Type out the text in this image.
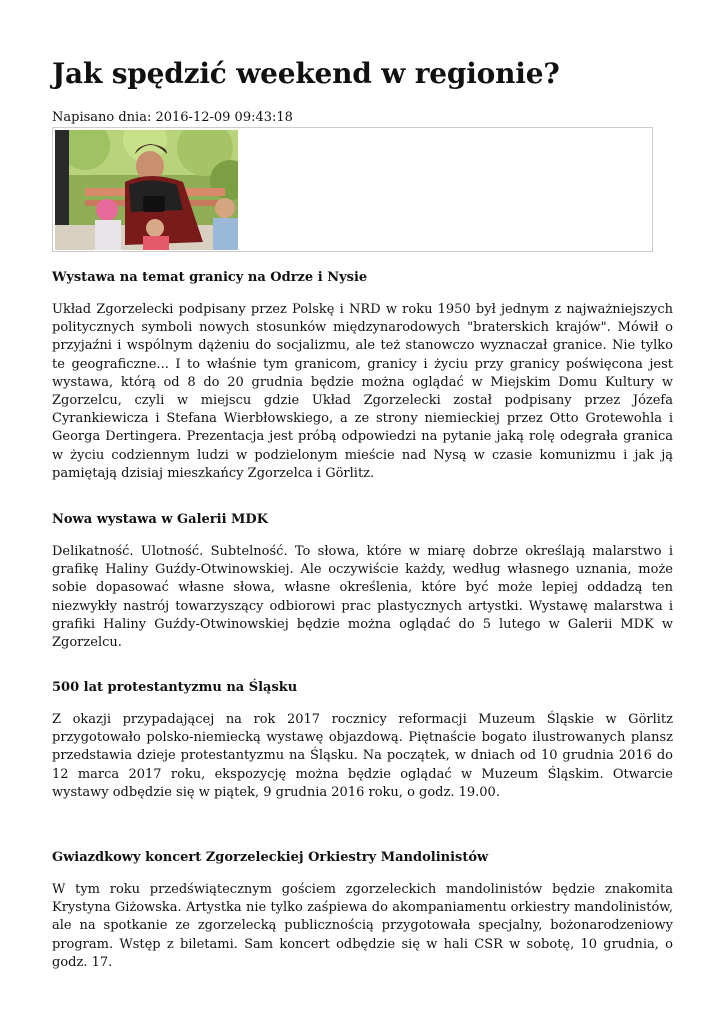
Jak spędzić weekend w regionie?
Napisano dnia: 2016-12-09 09:43:18
Wystawa na temat granicy na Odrze i Nysie

Układ Zgorzelecki podpisany przez Polskę i NRD w roku 1950 był jednym z najważniejszych politycznych symboli nowych stosunków międzynarodowych "braterskich krajów". Mówił o przyjaźni i wspólnym dążeniu do socjalizmu, ale też stanowczo wyznaczał granice. Nie tylko te geograficzne... I to właśnie tym granicom, granicy i życiu przy granicy poświęcona jest wystawa, którą od 8 do 20 grudnia będzie można oglądać w Miejskim Domu Kultury w Zgorzelcu, czyli w miejscu gdzie Układ Zgorzelecki został podpisany przez Józefa Cyrankiewicza i Stefana Wierbłowskiego, a ze strony niemieckiej przez Otto Grotewohla i Georga Dertingera. Prezentacja jest próbą odpowiedzi na pytanie jaką rolę odegrała granica w życiu codziennym ludzi w podzielonym mieście nad Nysą w czasie komunizmu i jak ją pamiętają dzisiaj mieszkańcy Zgorzelca i Görlitz.

Nowa wystawa w Galerii MDK

Delikatność. Ulotność. Subtelność. To słowa, które w miarę dobrze określają malarstwo i grafikę Haliny Guźdy-Otwinowskiej. Ale oczywiście każdy, według własnego uznania, może sobie dopasować własne słowa, własne określenia, które być może lepiej oddadzą ten niezwykły nastrój towarzyszący odbiorowi prac plastycznych artystki. Wystawę malarstwa i grafiki Haliny Guźdy-Otwinowskiej będzie można oglądać do 5 lutego w Galerii MDK w Zgorzelcu.

500 lat protestantyzmu na Śląsku

Z okazji przypadającej na rok 2017 rocznicy reformacji Muzeum Śląskie w Görlitz przygotowało polsko-niemiecką wystawę objazdową. Piętnaście bogato ilustrowanych plansz przedstawia dzieje protestantyzmu na Śląsku. Na początek, w dniach od 10 grudnia 2016 do 12 marca 2017 roku, ekspozycję można będzie oglądać w Muzeum Śląskim. Otwarcie wystawy odbędzie się w piątek, 9 grudnia 2016 roku, o godz. 19.00.

Gwiazdkowy koncert Zgorzeleckiej Orkiestry Mandolinistów

W tym roku przedświątecznym gościem zgorzeleckich mandolinistów będzie znakomita Krystyna Giżowska. Artystka nie tylko zaśpiewa do akompaniamentu orkiestry mandolinistów, ale na spotkanie ze zgorzelecką publicznością przygotowała specjalny, bożonarodzeniowy program. Wstęp z biletami. Sam koncert odbędzie się w hali CSR w sobotę, 10 grudnia, o godz. 17.
